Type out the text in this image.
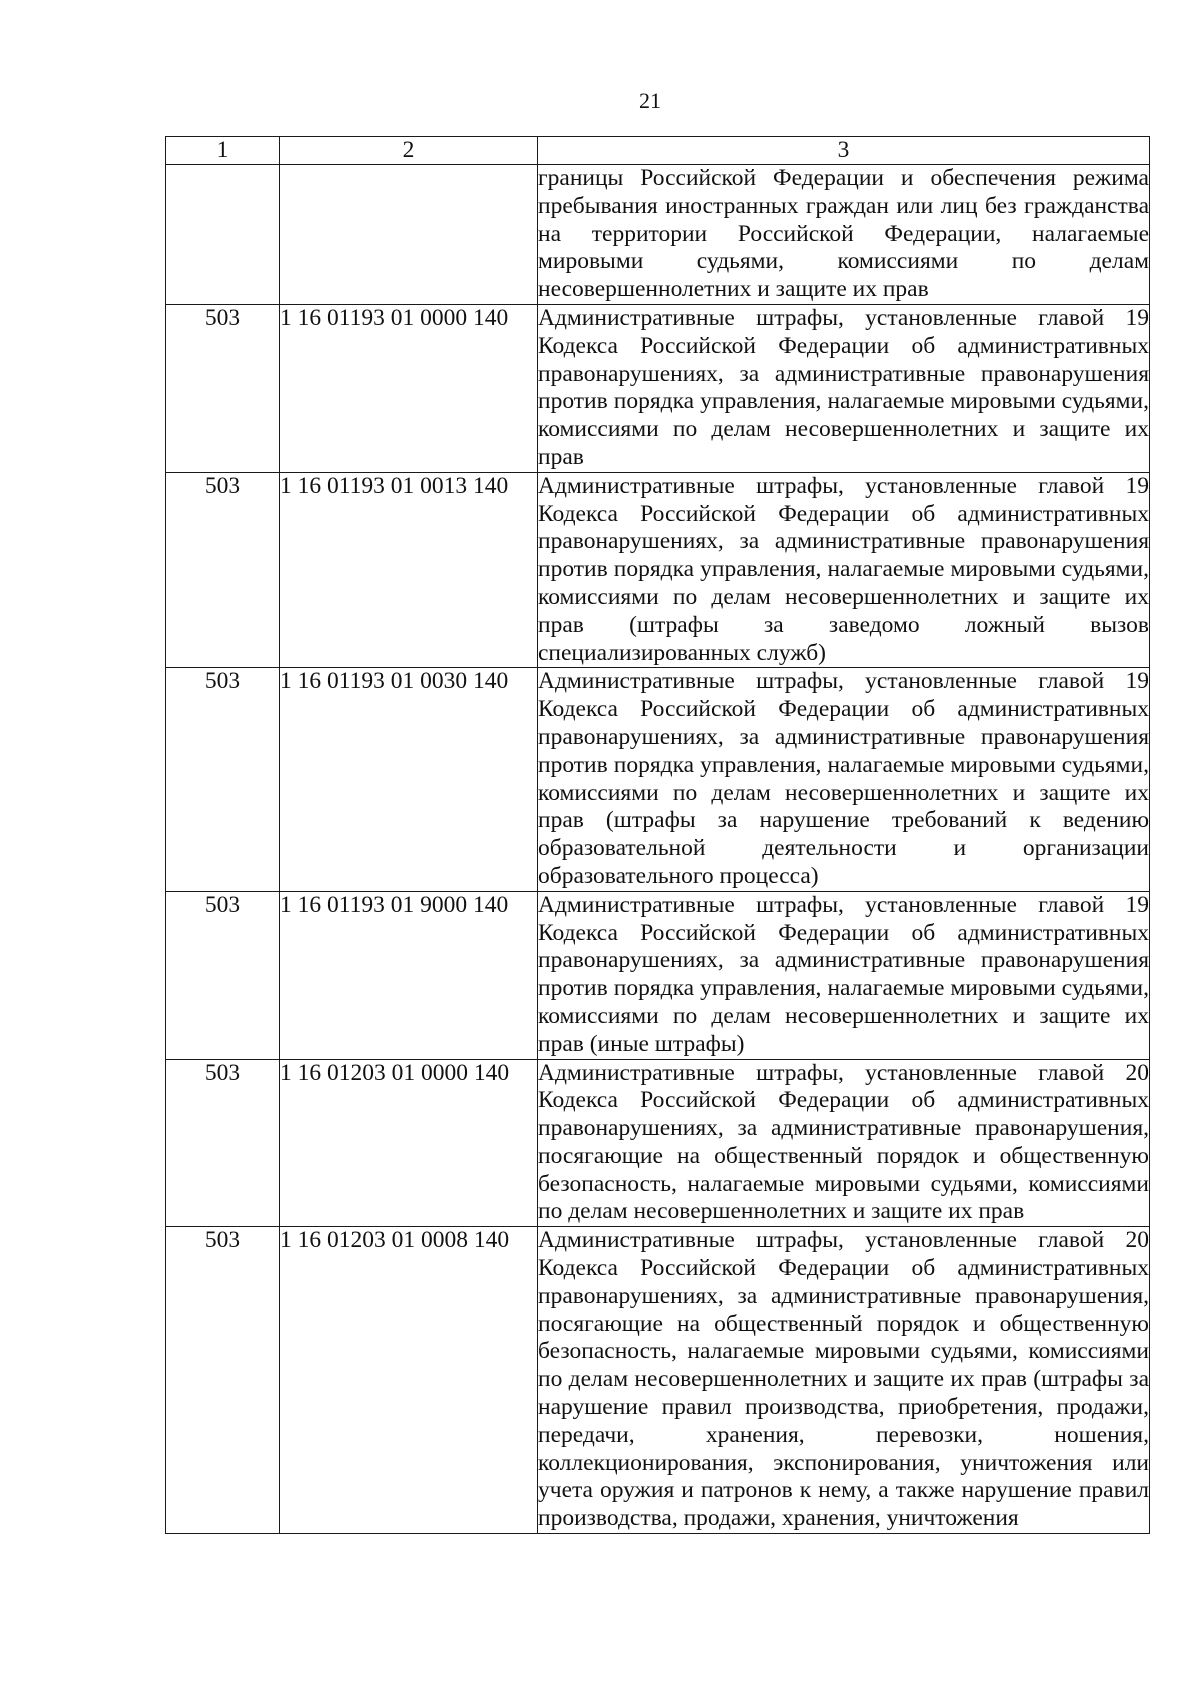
21
1	2	3
		границы Российской Федерации и обеспечения режима пребывания иностранных граждан или лиц без гражданства на территории Российской Федерации, налагаемые мировыми судьями, комиссиями по делам несовершеннолетних и защите их прав
503	1 16 01193 01 0000 140	Административные штрафы, установленные главой 19 Кодекса Российской Федерации об административных правонарушениях, за административные правонарушения против порядка управления, налагаемые мировыми судьями, комиссиями по делам несовершеннолетних и защите их прав
503	1 16 01193 01 0013 140	Административные штрафы, установленные главой 19 Кодекса Российской Федерации об административных правонарушениях, за административные правонарушения против порядка управления, налагаемые мировыми судьями, комиссиями по делам несовершеннолетних и защите их прав (штрафы за заведомо ложный вызов специализированных служб)
503	1 16 01193 01 0030 140	Административные штрафы, установленные главой 19 Кодекса Российской Федерации об административных правонарушениях, за административные правонарушения против порядка управления, налагаемые мировыми судьями, комиссиями по делам несовершеннолетних и защите их прав (штрафы за нарушение требований к ведению образовательной деятельности и организации образовательного процесса)
503	1 16 01193 01 9000 140	Административные штрафы, установленные главой 19 Кодекса Российской Федерации об административных правонарушениях, за административные правонарушения против порядка управления, налагаемые мировыми судьями, комиссиями по делам несовершеннолетних и защите их прав (иные штрафы)
503	1 16 01203 01 0000 140	Административные штрафы, установленные главой 20 Кодекса Российской Федерации об административных правонарушениях, за административные правонарушения, посягающие на общественный порядок и общественную безопасность, налагаемые мировыми судьями, комиссиями по делам несовершеннолетних и защите их прав
503	1 16 01203 01 0008 140	Административные штрафы, установленные главой 20 Кодекса Российской Федерации об административных правонарушениях, за административные правонарушения, посягающие на общественный порядок и общественную безопасность, налагаемые мировыми судьями, комиссиями по делам несовершеннолетних и защите их прав (штрафы за нарушение правил производства, приобретения, продажи, передачи, хранения, перевозки, ношения, коллекционирования, экспонирования, уничтожения или учета оружия и патронов к нему, а также нарушение правил производства, продажи, хранения, уничтожения
